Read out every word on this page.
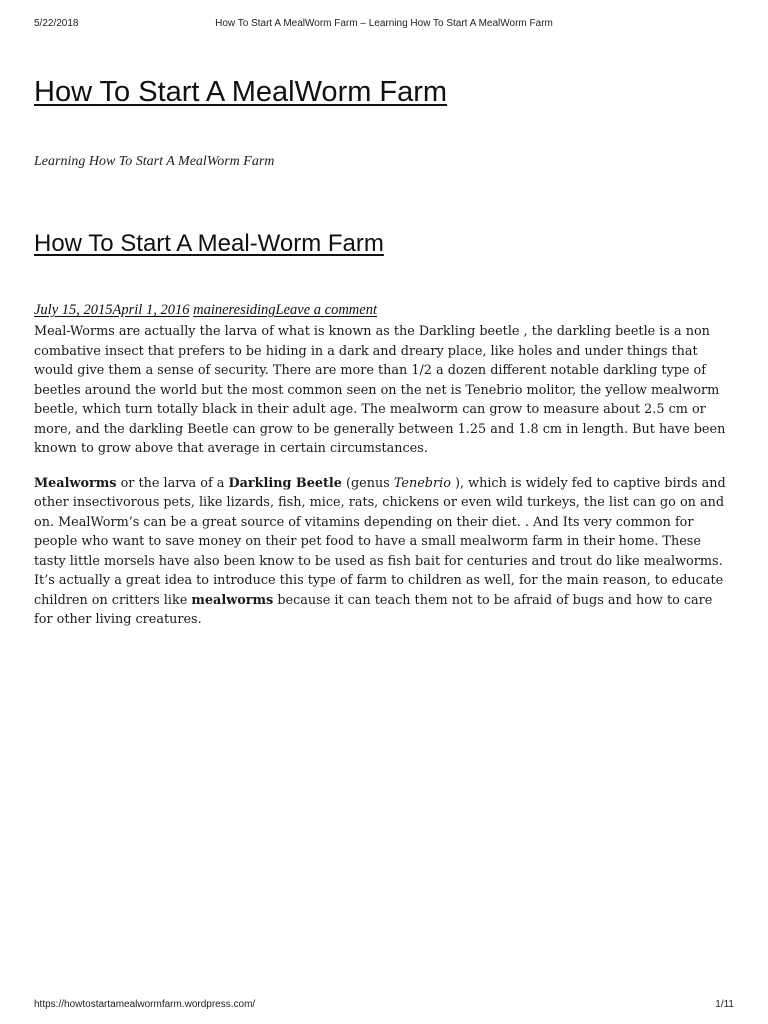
5/22/2018	How To Start A MealWorm Farm – Learning How To Start A MealWorm Farm
How To Start A MealWorm Farm
Learning How To Start A MealWorm Farm
How To Start A Meal-Worm Farm
July 15, 2015April 1, 2016 maineresidingLeave a comment

Meal-Worms are actually the larva of what is known as the Darkling beetle , the darkling beetle is a non combative insect that prefers to be hiding in a dark and dreary place, like holes and under things that would give them a sense of security. There are more than 1/2 a dozen different notable darkling type of beetles around the world but the most common seen on the net is Tenebrio molitor, the yellow mealworm beetle, which turn totally black in their adult age. The mealworm can grow to measure about 2.5 cm or more, and the darkling Beetle can grow to be generally between 1.25 and 1.8 cm in length. But have been known to grow above that average in certain circumstances.

Mealworms or the larva of a Darkling Beetle (genus Tenebrio ), which is widely fed to captive birds and other insectivorous pets, like lizards, fish, mice, rats, chickens or even wild turkeys, the list can go on and on. MealWorm’s can be a great source of vitamins depending on their diet. . And Its very common for people who want to save money on their pet food to have a small mealworm farm in their home. These tasty little morsels have also been know to be used as fish bait for centuries and trout do like mealworms. It’s actually a great idea to introduce this type of farm to children as well, for the main reason, to educate children on critters like mealworms because it can teach them not to be afraid of bugs and how to care for other living creatures.

https://howtostartamealwormfarm.wordpress.com/	1/11
